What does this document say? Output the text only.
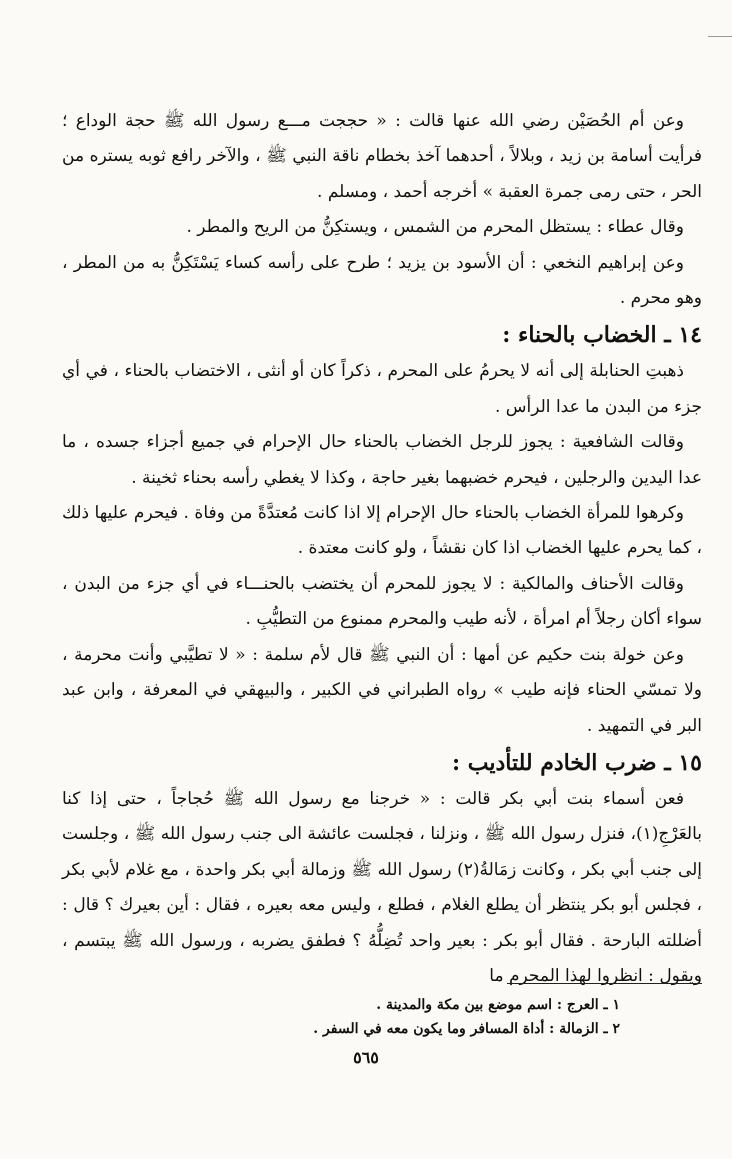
وعن أم الحُصَيْن رضي الله عنها قالت : « حججت مـــع رسول الله ﷺ حجة الوداع ؛ فرأيت أسامة بن زيد ، وبلالاً ، أحدهما آخذ بخطام ناقة النبي ﷺ ، والآخر رافع ثوبه يستره من الحر ، حتى رمى جمرة العقبة » أخرجه أحمد ، ومسلم .

وقال عطاء : يستظل المحرم من الشمس ، ويستكِنُّ من الريح والمطر .

وعن إبراهيم النخعي : أن الأسود بن يزيد ؛ طرح على رأسه كساء يَسْتَكِنُّ به من المطر ، وهو محرم .

١٤ ـ الخضاب بالحناء :

ذهبتِ الحنابلة إلى أنه لا يحرمُ على المحرم ، ذكراً كان أو أنثى ، الاختضاب بالحناء ، في أي جزء من البدن ما عدا الرأس .

وقالت الشافعية : يجوز للرجل الخضاب بالحناء حال الإحرام في جميع أجزاء جسده ، ما عدا اليدين والرجلين ، فيحرم خضبهما بغير حاجة ، وكذا لا يغطي رأسه بحناء ثخينة .

وكرهوا للمرأة الخضاب بالحناء حال الإحرام إلا اذا كانت مُعتدَّةً من وفاة . فيحرم عليها ذلك ، كما يحرم عليها الخضاب اذا كان نقشاً ، ولو كانت معتدة .

وقالت الأحناف والمالكية : لا يجوز للمحرم أن يختضب بالحنـــاء في أي جزء من البدن ، سواء أكان رجلاً أم امرأة ، لأنه طيب والمحرم ممنوع من التطيُّبِ .

وعن خولة بنت حكيم عن أمها : أن النبي ﷺ قال لأم سلمة : « لا تطيَّبي وأنت محرمة ، ولا تمسّي الحناء فإنه طيب » رواه الطبراني في الكبير ، والبيهقي في المعرفة ، وابن عبد البر في التمهيد .

١٥ ـ ضرب الخادم للتأديب :

فعن أسماء بنت أبي بكر قالت : « خرجنا مع رسول الله ﷺ حُجاجاً ، حتى إذا كنا بالعَرْجِ(١)، فنزل رسول الله ﷺ ، ونزلنا ، فجلست عائشة الى جنب رسول الله ﷺ ، وجلست إلى جنب أبي بكر ، وكانت زمَالةُ(٢) رسول الله ﷺ وزمالة أبي بكر واحدة ، مع غلام لأبي بكر ، فجلس أبو بكر ينتظر أن يطلع الغلام ، فطلع ، وليس معه بعيره ، فقال : أين بعيرك ؟ قال : أضللته البارحة . فقال أبو بكر : بعير واحد تُضِلُّهُ ؟ فطفق يضربه ، ورسول الله ﷺ يبتسم ، ويقول : انظروا لهذا المحرم ما

١ ـ العرج : اسم موضع بين مكة والمدينة .

٢ ـ الزمالة : أداة المسافر وما يكون معه في السفر .

٥٦٥
